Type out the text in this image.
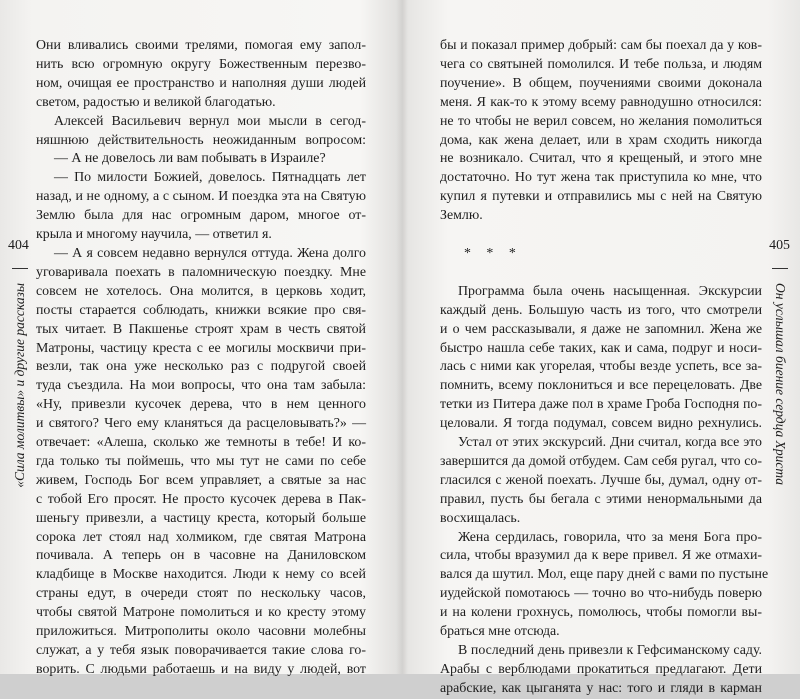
404
«Сила молитвы» и другие рассказы
Они вливались своими трелями, помогая ему запол-
нить всю огромную округу Божественным перезво-
ном, очищая ее пространство и наполняя души людей
светом, радостью и великой благодатью.
Алексей Васильевич вернул мои мысли в сегод-
няшнюю действительность неожиданным вопросом:
— А не довелось ли вам побывать в Израиле?
— По милости Божией, довелось. Пятнадцать лет
назад, и не одному, а с сыном. И поездка эта на Святую
Землю была для нас огромным даром, многое от-
крыла и многому научила, — ответил я.
— А я совсем недавно вернулся оттуда. Жена долго
уговаривала поехать в паломническую поездку. Мне
совсем не хотелось. Она молится, в церковь ходит,
посты старается соблюдать, книжки всякие про свя-
тых читает. В Пакшенье строят храм в честь святой
Матроны, частицу креста с ее могилы москвичи при-
везли, так она уже несколько раз с подругой своей
туда съездила. На мои вопросы, что она там забыла:
«Ну, привезли кусочек дерева, что в нем ценного
и святого? Чего ему кланяться да расцеловывать?» —
отвечает: «Алеша, сколько же темноты в тебе! И ко-
гда только ты поймешь, что мы тут не сами по себе
живем, Господь Бог всем управляет, а святые за нас
с тобой Его просят. Не просто кусочек дерева в Пак-
шеньгу привезли, а частицу креста, который больше
сорока лет стоял над холмиком, где святая Матрона
почивала. А теперь он в часовне на Даниловском
кладбище в Москве находится. Люди к нему со всей
страны едут, в очереди стоят по нескольку часов,
чтобы святой Матроне помолиться и ко кресту этому
приложиться. Митрополиты около часовни молебны
служат, а у тебя язык поворачивается такие слова го-
ворить. С людьми работаешь и на виду у людей, вот
405
Он услышал биение сердца Христа
бы и показал пример добрый: сам бы поехал да у ков-
чега со святыней помолился. И тебе польза, и людям
поучение». В общем, поучениями своими доконала
меня. Я как-то к этому всему равнодушно относился:
не то чтобы не верил совсем, но желания помолиться
дома, как жена делает, или в храм сходить никогда
не возникало. Считал, что я крещеный, и этого мне
достаточно. Но тут жена так приступила ко мне, что
купил я путевки и отправились мы с ней на Святую
Землю.
* * *
Программа была очень насыщенная. Экскурсии
каждый день. Большую часть из того, что смотрели
и о чем рассказывали, я даже не запомнил. Жена же
быстро нашла себе таких, как и сама, подруг и носи-
лась с ними как угорелая, чтобы везде успеть, все за-
помнить, всему поклониться и все перецеловать. Две
тетки из Питера даже пол в храме Гроба Господня по-
целовали. Я тогда подумал, совсем видно рехнулись.
Устал от этих экскурсий. Дни считал, когда все это
завершится да домой отбудем. Сам себя ругал, что со-
гласился с женой поехать. Лучше бы, думал, одну от-
правил, пусть бы бегала с этими ненормальными да
восхищалась.
Жена сердилась, говорила, что за меня Бога про-
сила, чтобы вразумил да к вере привел. Я же отмахи-
вался да шутил. Мол, еще пару дней с вами по пустыне
иудейской помотаюсь — точно во что-нибудь поверю
и на колени грохнусь, помолюсь, чтобы помогли вы-
браться мне отсюда.
В последний день привезли к Гефсиманскому саду.
Арабы с верблюдами прокатиться предлагают. Дети
арабские, как цыганята у нас: того и гляди в карман
